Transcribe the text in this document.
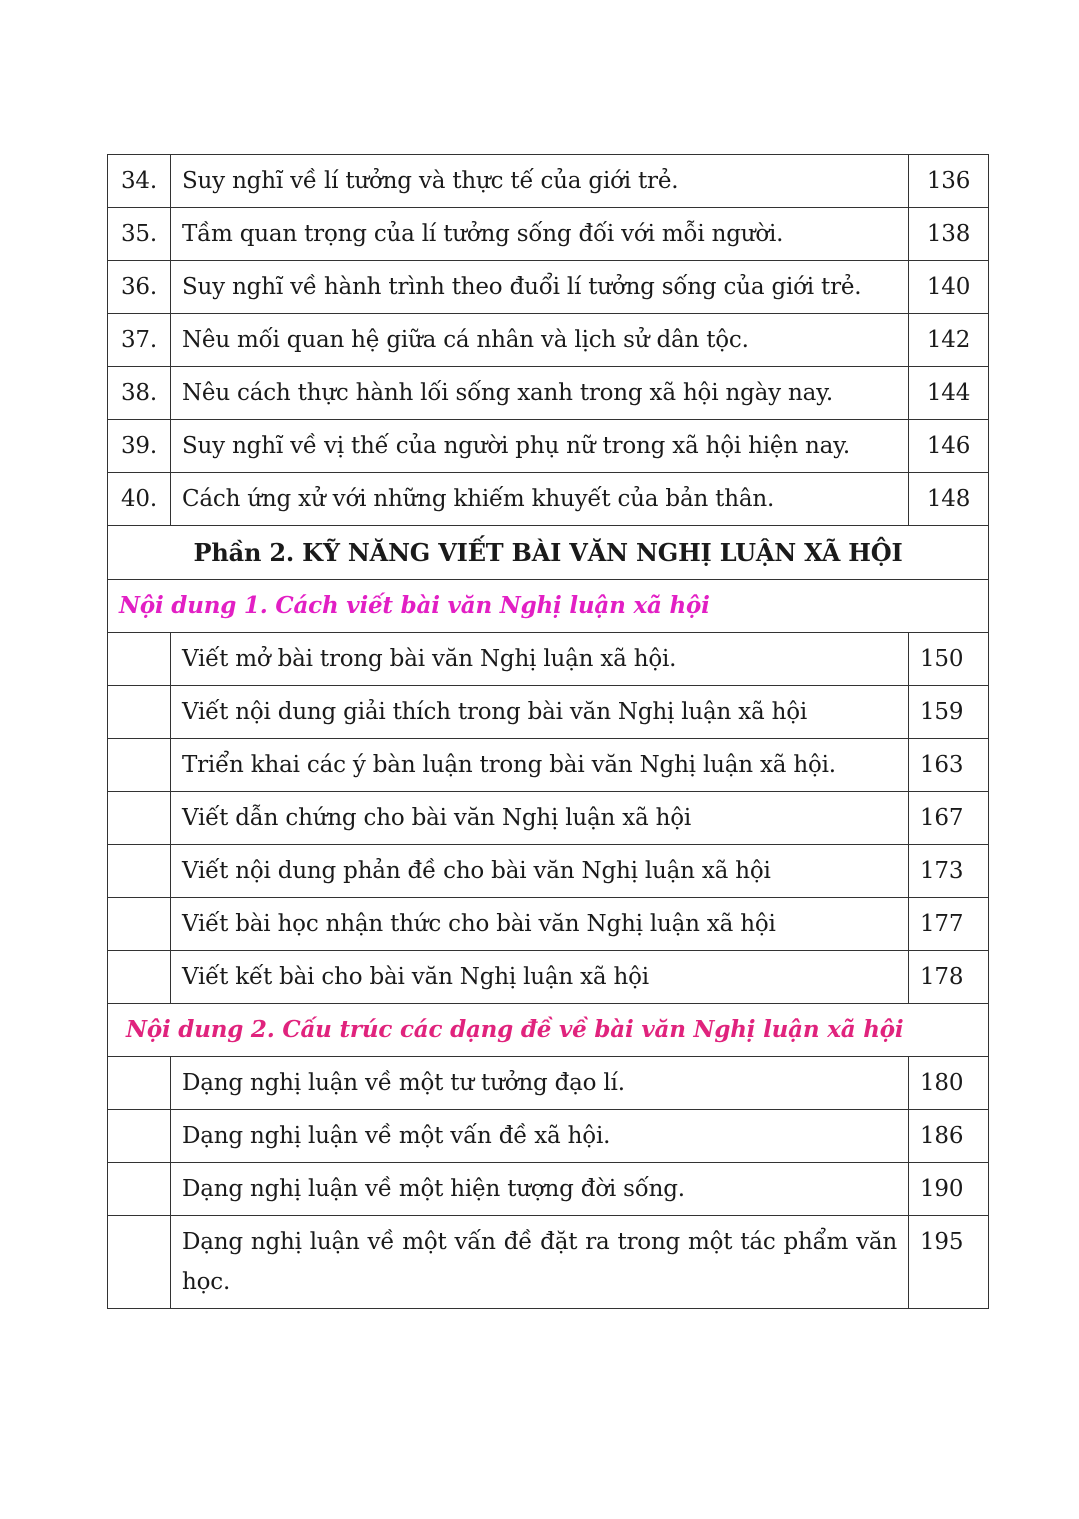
34.	Suy nghĩ về lí tưởng và thực tế của giới trẻ.	136
35.	Tầm quan trọng của lí tưởng sống đối với mỗi người.	138
36.	Suy nghĩ về hành trình theo đuổi lí tưởng sống của giới trẻ.	140
37.	Nêu mối quan hệ giữa cá nhân và lịch sử dân tộc.	142
38.	Nêu cách thực hành lối sống xanh trong xã hội ngày nay.	144
39.	Suy nghĩ về vị thế của người phụ nữ trong xã hội hiện nay.	146
40.	Cách ứng xử với những khiếm khuyết của bản thân.	148
Phần 2. KỸ NĂNG VIẾT BÀI VĂN NGHỊ LUẬN XÃ HỘI		
Nội dung 1. Cách viết bài văn Nghị luận xã hội		
	Viết mở bài trong bài văn Nghị luận xã hội.	150
	Viết nội dung giải thích trong bài văn Nghị luận xã hội	159
	Triển khai các ý bàn luận trong bài văn Nghị luận xã hội.	163
	Viết dẫn chứng cho bài văn Nghị luận xã hội	167
	Viết nội dung phản đề cho bài văn Nghị luận xã hội	173
	Viết bài học nhận thức cho bài văn Nghị luận xã hội	177
	Viết kết bài cho bài văn Nghị luận xã hội	178
Nội dung 2. Cấu trúc các dạng đề về bài văn Nghị luận xã hội		
	Dạng nghị luận về một tư tưởng đạo lí.	180
	Dạng nghị luận về một vấn đề xã hội.	186
	Dạng nghị luận về một hiện tượng đời sống.	190
	Dạng nghị luận về một vấn đề đặt ra trong một tác phẩm văn học.	195
